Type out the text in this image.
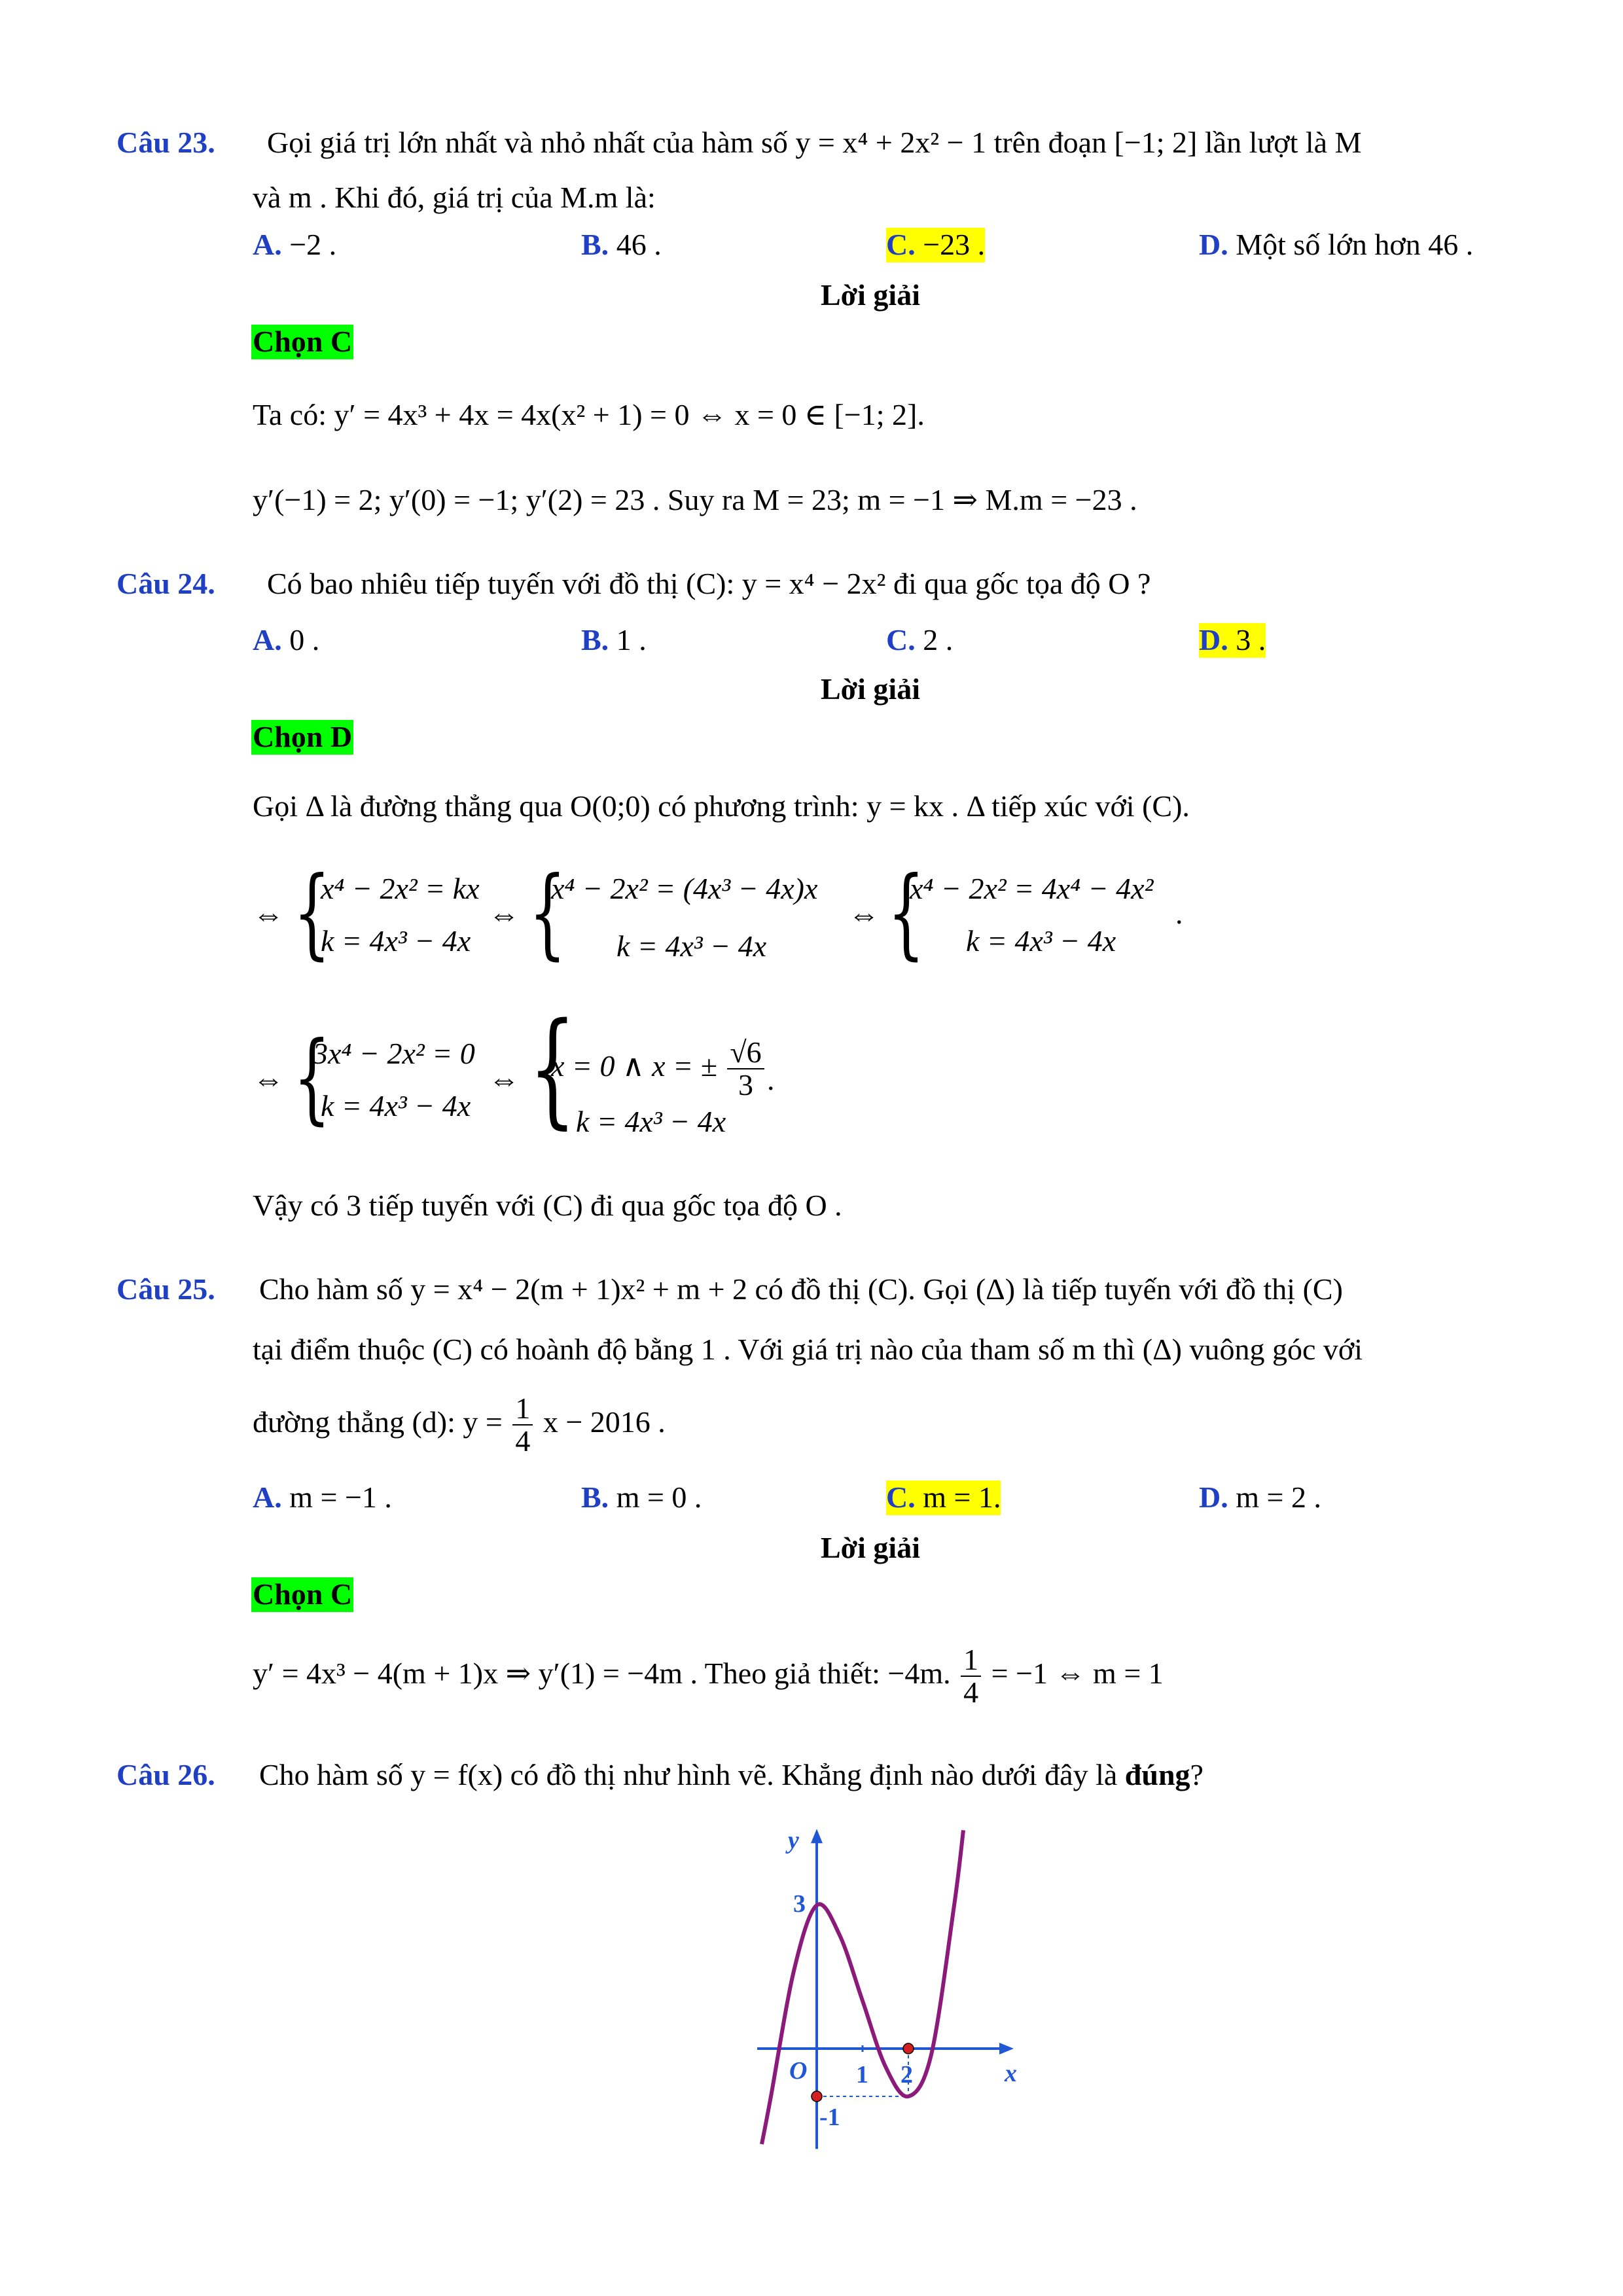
Câu 23. Gọi giá trị lớn nhất và nhỏ nhất của hàm số y = x⁴ + 2x² − 1 trên đoạn [−1; 2] lần lượt là M
và m . Khi đó, giá trị của M.m là:
A. −2 .	B. 46 .	C. −23 .	D. Một số lớn hơn 46 .
Lời giải
Chọn C
Ta có: y′ = 4x³ + 4x = 4x(x² + 1) = 0 ⇔ x = 0 ∈ [−1; 2].
y′(−1) = 2; y′(0) = −1; y′(2) = 23 . Suy ra M = 23; m = −1 ⇒ M.m = −23 .
Câu 24. Có bao nhiêu tiếp tuyến với đồ thị (C): y = x⁴ − 2x² đi qua gốc tọa độ O ?
A. 0 .	B. 1 .	C. 2 .	D. 3 .
Lời giải
Chọn D
Gọi Δ là đường thẳng qua O(0;0) có phương trình: y = kx . Δ tiếp xúc với (C).
⇔ {
x⁴ − 2x² = kx
k = 4x³ − 4x
⇔ {
x⁴ − 2x² = (4x³ − 4x)x
k = 4x³ − 4x
⇔ {
x⁴ − 2x² = 4x⁴ − 4x²
k = 4x³ − 4x
.
⇔ {
3x⁴ − 2x² = 0
k = 4x³ − 4x
⇔ {
x = 0 ∧ x = ± $\frac{√6}{3}$ .
k = 4x³ − 4x
Vậy có 3 tiếp tuyến với (C) đi qua gốc tọa độ O .
Câu 25. Cho hàm số y = x⁴ − 2(m + 1)x² + m + 2 có đồ thị (C). Gọi (Δ) là tiếp tuyến với đồ thị (C)
tại điểm thuộc (C) có hoành độ bằng 1 . Với giá trị nào của tham số m thì (Δ) vuông góc với
đường thẳng (d): $y = \frac{1}{4}$ x − 2016 .
A. m = −1 .	B. m = 0 .	C. m = 1.	D. m = 2 .
Lời giải
Chọn C
y′ = 4x³ − 4(m + 1)x ⇒ y′(1) = −4m . Theo giả thiết: −4m. $\frac{1}{4} = -1$ ⇔ m = 1
Câu 26. Cho hàm số y = f(x) có đồ thị như hình vẽ. Khẳng định nào dưới đây là đúng?
y
x
O 1 2
3
-1
